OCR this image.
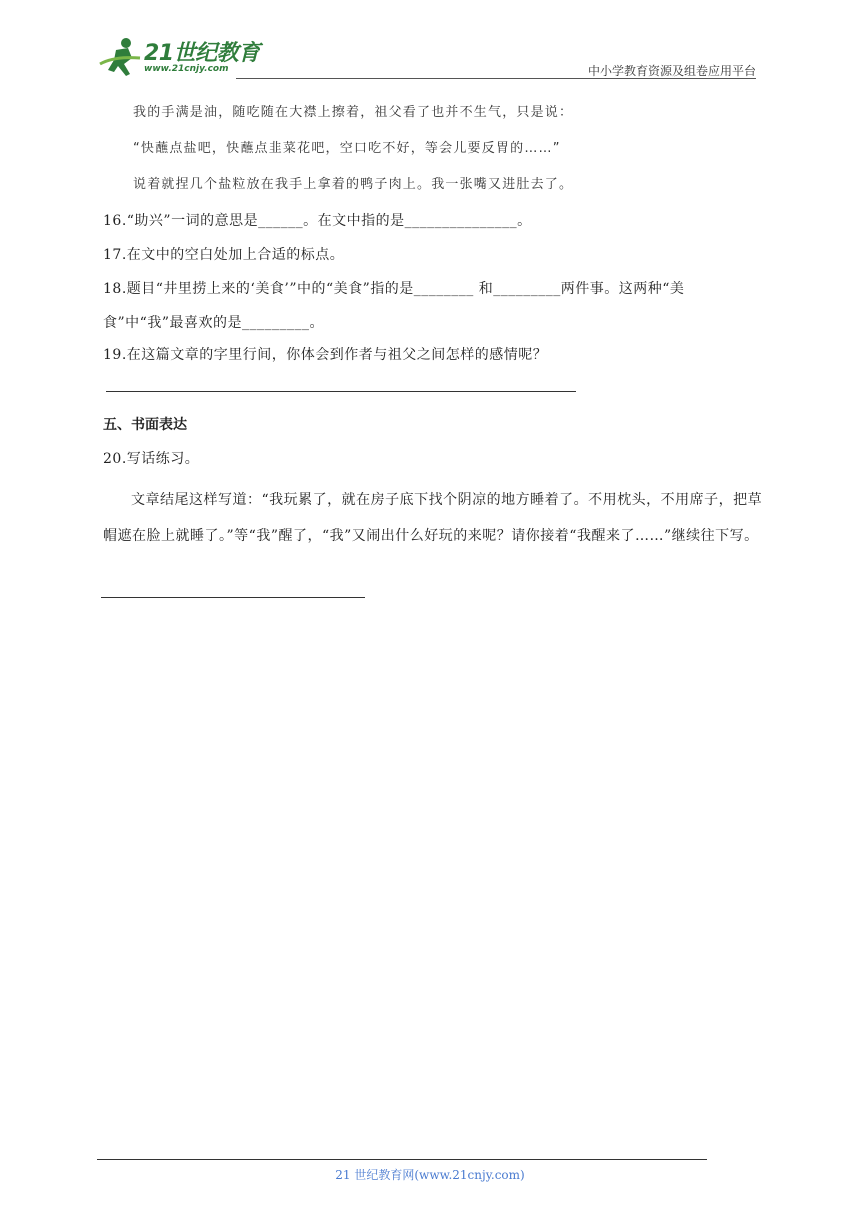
21世纪教育
www.21cnjy.com	中小学教育资源及组卷应用平台
我的手满是油，随吃随在大襟上擦着，祖父看了也并不生气，只是说：
“快蘸点盐吧，快蘸点韭菜花吧，空口吃不好，等会儿要反胃的……”
说着就捏几个盐粒放在我手上拿着的鸭子肉上。我一张嘴又进肚去了。
16.“助兴”一词的意思是______。在文中指的是_______________。
17.在文中的空白处加上合适的标点。
18.题目“井里捞上来的‘美食’”中的“美食”指的是________ 和_________两件事。这两种“美食”中“我”最喜欢的是_________。
19.在这篇文章的字里行间，你体会到作者与祖父之间怎样的感情呢？
五、书面表达
20.写话练习。
文章结尾这样写道：“我玩累了，就在房子底下找个阴凉的地方睡着了。不用枕头，不用席子，把草帽遮在脸上就睡了。”等“我”醒了，“我”又闹出什么好玩的来呢？请你接着“我醒来了……”继续往下写。
21 世纪教育网(www.21cnjy.com)
